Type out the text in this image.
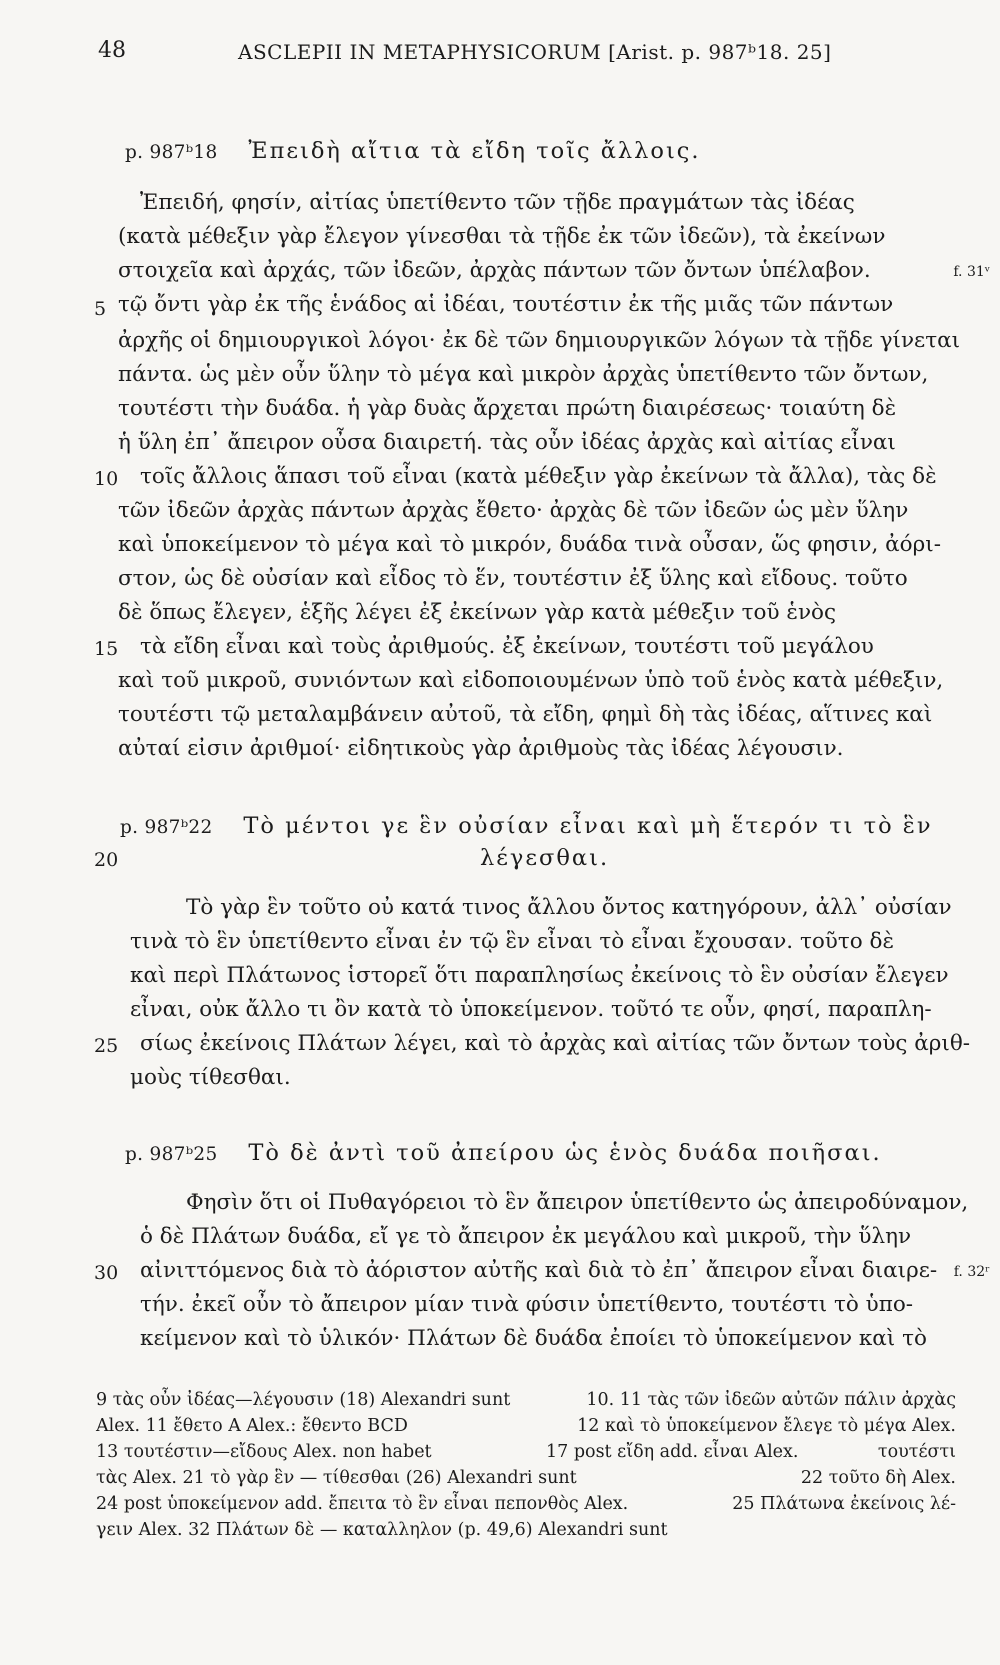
48	ASCLEPII IN METAPHYSICORUM [Arist. p. 987ᵇ18. 25]
p. 987ᵇ18 Ἐπειδὴ αἴτια τὰ εἴδη τοῖς ἄλλοις.
Ἐπειδή, φησίν, αἰτίας ὑπετίθεντο τῶν τῇδε πραγμάτων τὰς ἰδέας
(κατὰ μέθεξιν γὰρ ἔλεγον γίνεσθαι τὰ τῇδε ἐκ τῶν ἰδεῶν), τὰ ἐκείνων
στοιχεῖα καὶ ἀρχάς, τῶν ἰδεῶν, ἀρχὰς πάντων τῶν ὄντων ὑπέλαβον.	f. 31ᵛ
5 τῷ ὄντι γὰρ ἐκ τῆς ἑνάδος αἱ ἰδέαι, τουτέστιν ἐκ τῆς μιᾶς τῶν πάντων
ἀρχῆς οἱ δημιουργικοὶ λόγοι· ἐκ δὲ τῶν δημιουργικῶν λόγων τὰ τῇδε γίνεται
πάντα. ὡς μὲν οὖν ὕλην τὸ μέγα καὶ μικρὸν ἀρχὰς ὑπετίθεντο τῶν ὄντων,
τουτέστι τὴν δυάδα. ἡ γὰρ δυὰς ἄρχεται πρώτη διαιρέσεως· τοιαύτη δὲ
ἡ ὕλη ἐπ᾽ ἄπειρον οὖσα διαιρετή. τὰς οὖν ἰδέας ἀρχὰς καὶ αἰτίας εἶναι
10 τοῖς ἄλλοις ἅπασι τοῦ εἶναι (κατὰ μέθεξιν γὰρ ἐκείνων τὰ ἄλλα), τὰς δὲ
τῶν ἰδεῶν ἀρχὰς πάντων ἀρχὰς ἔθετο· ἀρχὰς δὲ τῶν ἰδεῶν ὡς μὲν ὕλην
καὶ ὑποκείμενον τὸ μέγα καὶ τὸ μικρόν, δυάδα τινὰ οὖσαν, ὥς φησιν, ἀόρι-
στον, ὡς δὲ οὐσίαν καὶ εἶδος τὸ ἕν, τουτέστιν ἐξ ὕλης καὶ εἴδους. τοῦτο
δὲ ὅπως ἔλεγεν, ἑξῆς λέγει ἐξ ἐκείνων γὰρ κατὰ μέθεξιν τοῦ ἑνὸς
15 τὰ εἴδη εἶναι καὶ τοὺς ἀριθμούς. ἐξ ἐκείνων, τουτέστι τοῦ μεγάλου
καὶ τοῦ μικροῦ, συνιόντων καὶ εἰδοποιουμένων ὑπὸ τοῦ ἑνὸς κατὰ μέθεξιν,
τουτέστι τῷ μεταλαμβάνειν αὐτοῦ, τὰ εἴδη, φημὶ δὴ τὰς ἰδέας, αἵτινες καὶ
αὐταί εἰσιν ἀριθμοί· εἰδητικοὺς γὰρ ἀριθμοὺς τὰς ἰδέας λέγουσιν.
p. 987ᵇ22 Τὸ μέντοι γε ἓν οὐσίαν εἶναι καὶ μὴ ἕτερόν τι τὸ ἓν
20	λέγεσθαι.
Τὸ γὰρ ἓν τοῦτο οὐ κατά τινος ἄλλου ὄντος κατηγόρουν, ἀλλ᾽ οὐσίαν
τινὰ τὸ ἓν ὑπετίθεντο εἶναι ἐν τῷ ἓν εἶναι τὸ εἶναι ἔχουσαν. τοῦτο δὲ
καὶ περὶ Πλάτωνος ἱστορεῖ ὅτι παραπλησίως ἐκείνοις τὸ ἓν οὐσίαν ἔλεγεν
εἶναι, οὐκ ἄλλο τι ὂν κατὰ τὸ ὑποκείμενον. τοῦτό τε οὖν, φησί, παραπλη-
25 σίως ἐκείνοις Πλάτων λέγει, καὶ τὸ ἀρχὰς καὶ αἰτίας τῶν ὄντων τοὺς ἀριθ-
μοὺς τίθεσθαι.
p. 987ᵇ25 Τὸ δὲ ἀντὶ τοῦ ἀπείρου ὡς ἑνὸς δυάδα ποιῆσαι.
Φησὶν ὅτι οἱ Πυθαγόρειοι τὸ ἓν ἄπειρον ὑπετίθεντο ὡς ἀπειροδύναμον,
ὁ δὲ Πλάτων δυάδα, εἴ γε τὸ ἄπειρον ἐκ μεγάλου καὶ μικροῦ, τὴν ὕλην
30 αἰνιττόμενος διὰ τὸ ἀόριστον αὐτῆς καὶ διὰ τὸ ἐπ᾽ ἄπειρον εἶναι διαιρε- f. 32ʳ
τήν. ἐκεῖ οὖν τὸ ἄπειρον μίαν τινὰ φύσιν ὑπετίθεντο, τουτέστι τὸ ὑπο-
κείμενον καὶ τὸ ὑλικόν· Πλάτων δὲ δυάδα ἐποίει τὸ ὑποκείμενον καὶ τὸ
9 τὰς οὖν ἰδέας—λέγουσιν (18) Alexandri sunt	10. 11 τὰς τῶν ἰδεῶν αὐτῶν πάλιν ἀρχὰς
Alex. 11 ἔθετο A Alex.: ἔθεντο BCD	12 καὶ τὸ ὑποκείμενον ἔλεγε τὸ μέγα Alex.
13 τουτέστιν—εἴδους Alex. non habet	17 post εἴδη add. εἶναι Alex.	τουτέστι
τὰς Alex. 21 τὸ γὰρ ἓν — τίθεσθαι (26) Alexandri sunt	22 τοῦτο δὴ Alex.
24 post ὑποκείμενον add. ἔπειτα τὸ ἓν εἶναι πεπονθὸς Alex.	25 Πλάτωνα ἐκείνοις λέ-
γειν Alex. 32 Πλάτων δὲ — καταλληλον (p. 49,6) Alexandri sunt
